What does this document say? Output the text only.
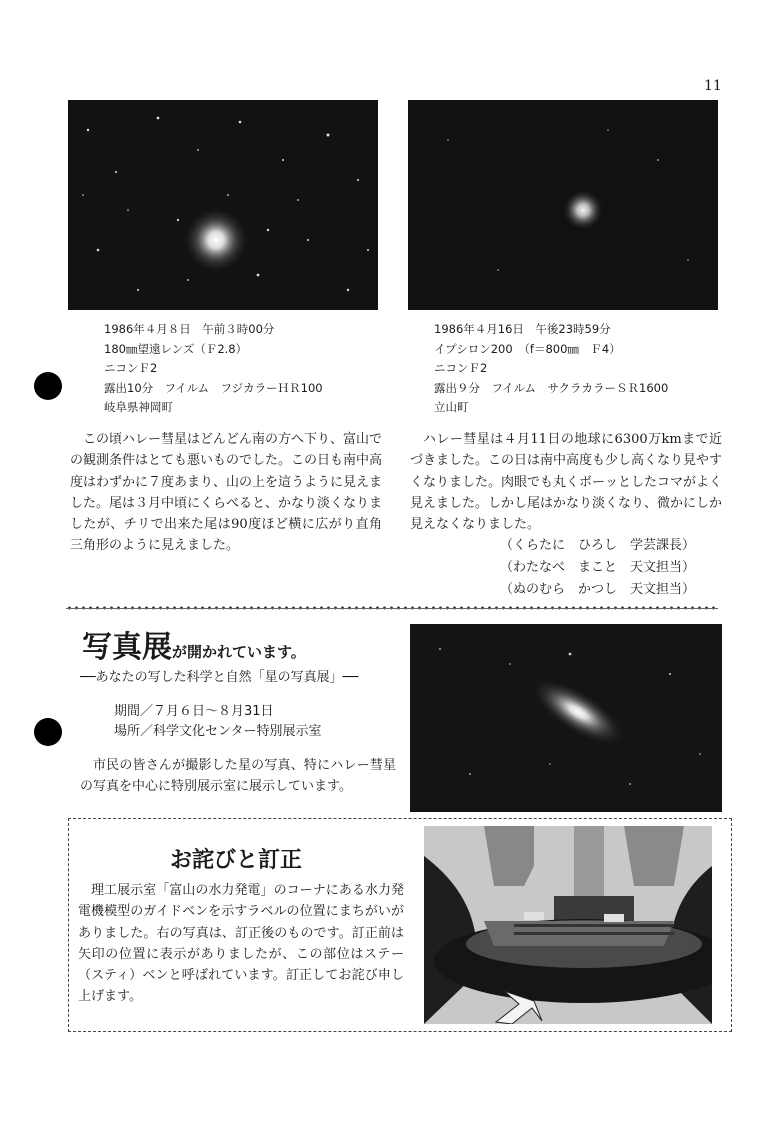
11
1986年４月８日　午前３時00分
180㎜望遠レンズ（Ｆ2.8）
ニコンＦ2
露出10分　フイルム　フジカラーＨＲ100
岐阜県神岡町
1986年４月16日　午後23時59分
イプシロン200　（f＝800㎜　Ｆ4）
ニコンＦ2
露出９分　フイルム　サクラカラーＳＲ1600
立山町

この頃ハレー彗星はどんどん南の方へ下り、富山での観測条件はとても悪いものでした。この日も南中高度はわずかに７度あまり、山の上を這うように見えました。尾は３月中頃にくらべると、かなり淡くなりましたが、チリで出来た尾は90度ほど横に広がり直角三角形のように見えました。

ハレー彗星は４月11日の地球に6300万kmまで近づきました。この日は南中高度も少し高くなり見やすくなりました。肉眼でも丸くボーッとしたコマがよく見えました。しかし尾はかなり淡くなり、微かにしか見えなくなりました。

（くらたに　ひろし　学芸課長）
（わたなべ　まこと　天文担当）
（ぬのむら　かつし　天文担当）
写真展が開かれています。
──あなたの写した科学と自然「星の写真展」──
期間／７月６日～８月31日
場所／科学文化センター特別展示室

市民の皆さんが撮影した星の写真、特にハレー彗星の写真を中心に特別展示室に展示しています。

お詫びと訂正

理工展示室「富山の水力発電」のコーナにある水力発電機模型のガイドベンを示すラベルの位置にまちがいがありました。右の写真は、訂正後のものです。訂正前は矢印の位置に表示がありましたが、この部位はステー（スティ）ベンと呼ばれています。訂正してお詫び申し上げます。
